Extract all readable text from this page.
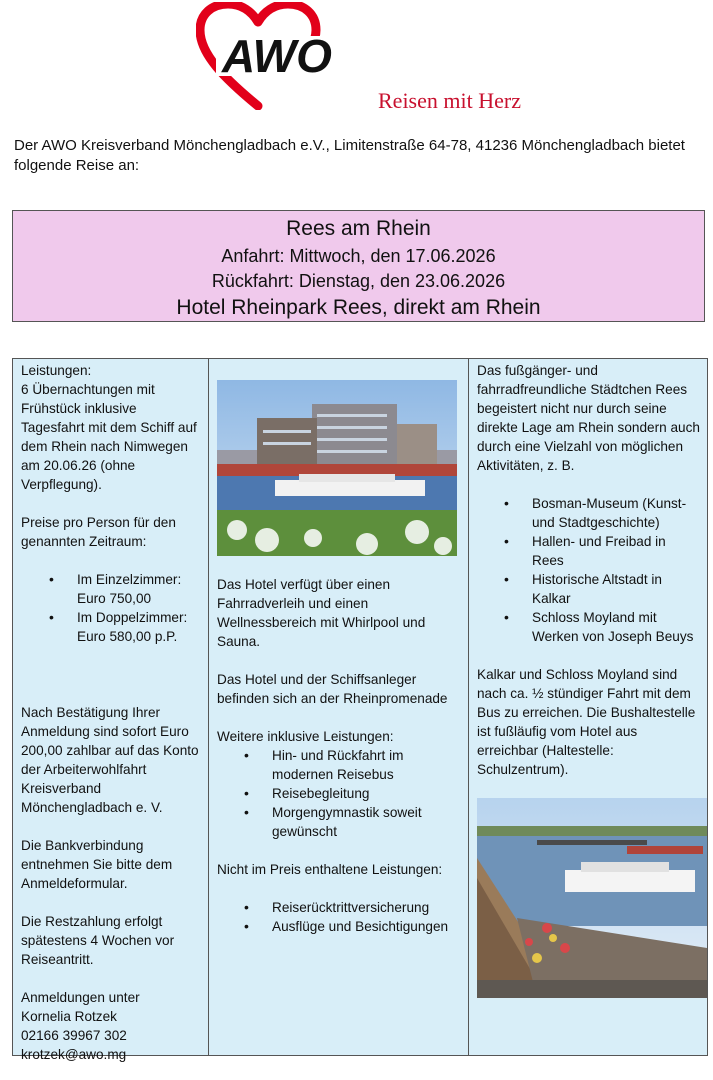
AWO
Reisen mit Herz
Der AWO Kreisverband Mönchengladbach e.V., Limitenstraße 64-78, 41236 Mönchengladbach bietet folgende Reise an:
Rees am Rhein
Anfahrt: Mittwoch, den 17.06.2026
Rückfahrt: Dienstag, den 23.06.2026
Hotel Rheinpark Rees, direkt am Rhein

Leistungen:

6 Übernachtungen mit Frühstück inklusive Tagesfahrt mit dem Schiff auf dem Rhein nach Nimwegen am 20.06.26 (ohne Verpflegung).

Preise pro Person für den genannten Zeitraum:

• Im Einzelzimmer: Euro 750,00
• Im Doppelzimmer: Euro 580,00 p.P.

Nach Bestätigung Ihrer Anmeldung sind sofort Euro 200,00 zahlbar auf das Konto der Arbeiterwohlfahrt Kreisverband Mönchengladbach e. V.

Die Bankverbindung entnehmen Sie bitte dem Anmeldeformular.

Die Restzahlung erfolgt spätestens 4 Wochen vor Reiseantritt.

Anmeldungen unter

Kornelia Rotzek

02166 39967 302

krotzek@awo.mg

Das Hotel verfügt über einen Fahrradverleih und einen Wellnessbereich mit Whirlpool und Sauna.

Das Hotel und der Schiffsanleger befinden sich an der Rheinpromenade

Weitere inklusive Leistungen:

• Hin- und Rückfahrt im modernen Reisebus
• Reisebegleitung
• Morgengymnastik soweit gewünscht

Nicht im Preis enthaltene Leistungen:

• Reiserücktrittversicherung
• Ausflüge und Besichtigungen

Das fußgänger- und fahrradfreundliche Städtchen Rees begeistert nicht nur durch seine direkte Lage am Rhein sondern auch durch eine Vielzahl von möglichen Aktivitäten, z. B.

• Bosman-Museum (Kunst- und Stadtgeschichte)
• Hallen- und Freibad in Rees
• Historische Altstadt in Kalkar
• Schloss Moyland mit Werken von Joseph Beuys

Kalkar und Schloss Moyland sind nach ca. ½ stündiger Fahrt mit dem Bus zu erreichen. Die Bushaltestelle ist fußläufig vom Hotel aus erreichbar (Haltestelle: Schulzentrum).
